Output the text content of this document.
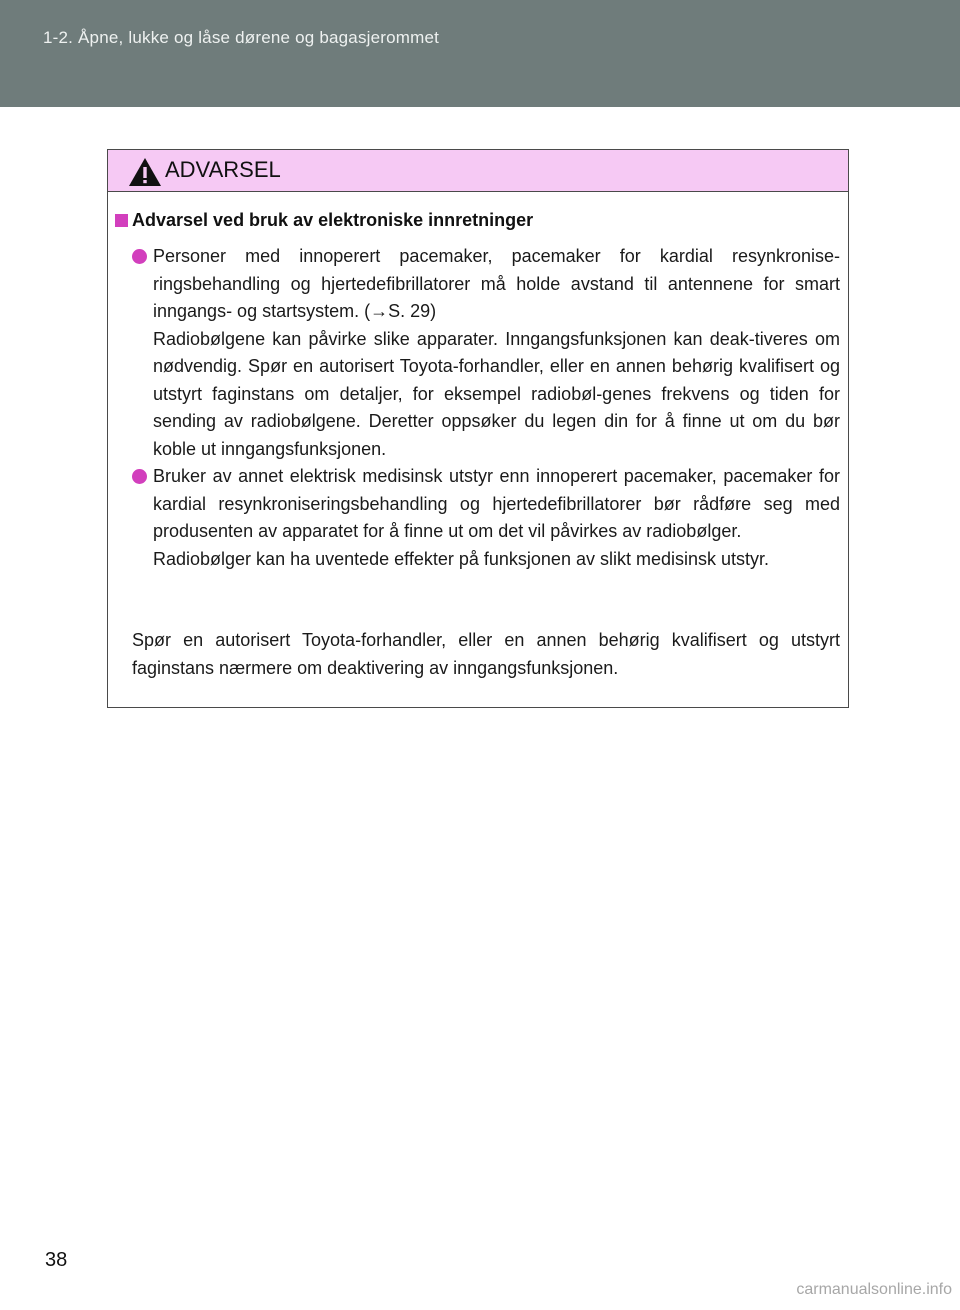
1-2. Åpne, lukke og låse dørene og bagasjerommet
ADVARSEL
Advarsel ved bruk av elektroniske innretninger

Personer med innoperert pacemaker, pacemaker for kardial resynkronise-ringsbehandling og hjertedefibrillatorer må holde avstand til antennene for smart inngangs- og startsystem. (→S. 29)

Radiobølgene kan påvirke slike apparater. Inngangsfunksjonen kan deak-tiveres om nødvendig. Spør en autorisert Toyota-forhandler, eller en annen behørig kvalifisert og utstyrt faginstans om detaljer, for eksempel radiobøl-genes frekvens og tiden for sending av radiobølgene. Deretter oppsøker du legen din for å finne ut om du bør koble ut inngangsfunksjonen.

Bruker av annet elektrisk medisinsk utstyr enn innoperert pacemaker, pacemaker for kardial resynkroniseringsbehandling og hjertedefibrillatorer bør rådføre seg med produsenten av apparatet for å finne ut om det vil påvirkes av radiobølger.

Radiobølger kan ha uventede effekter på funksjonen av slikt medisinsk utstyr.

Spør en autorisert Toyota-forhandler, eller en annen behørig kvalifisert og utstyrt faginstans nærmere om deaktivering av inngangsfunksjonen.
38
carmanualsonline.info
